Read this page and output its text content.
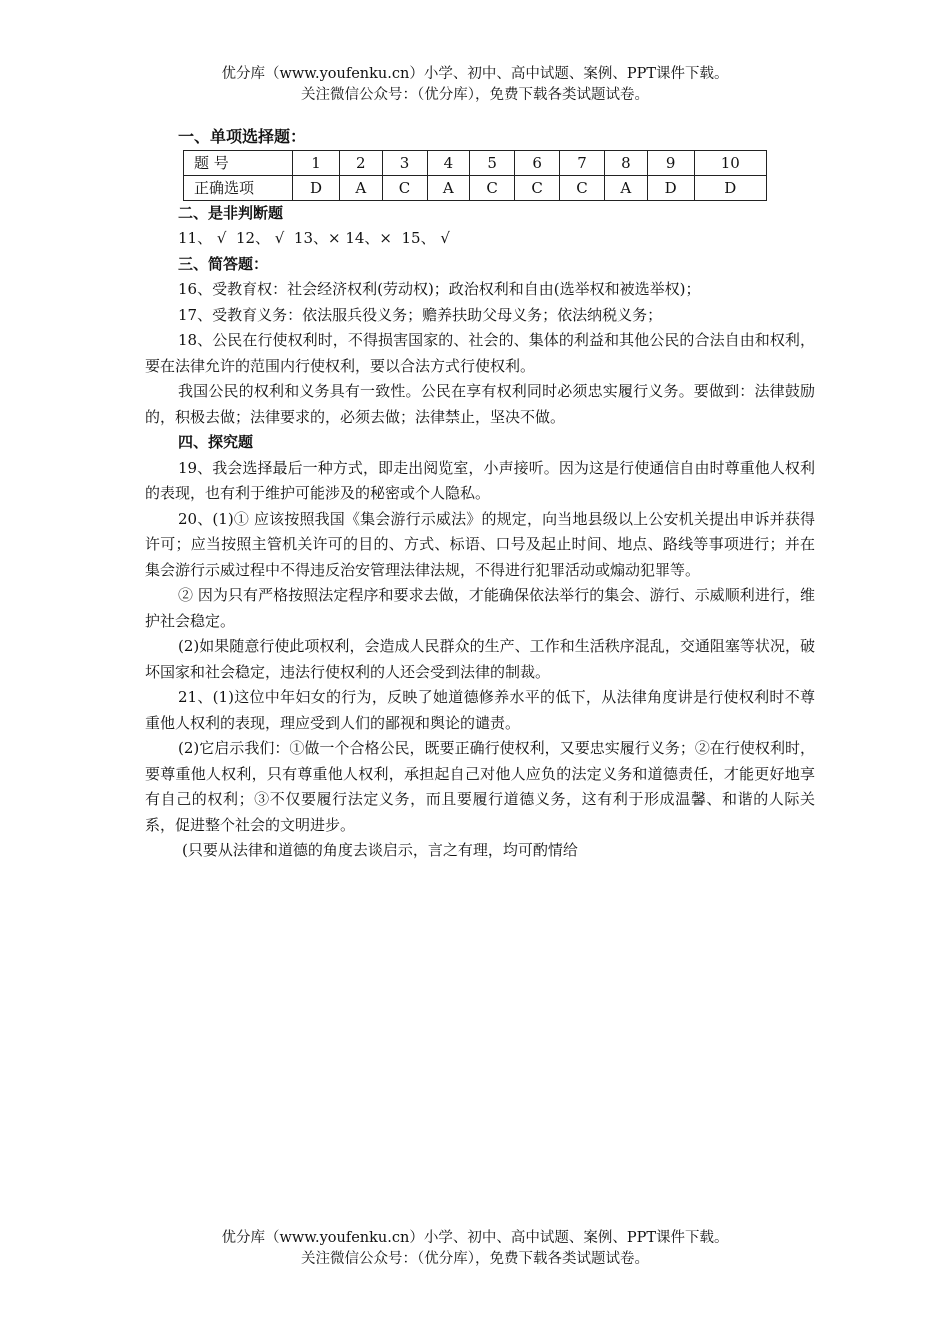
优分库（www.youfenku.cn）小学、初中、高中试题、案例、PPT课件下载。
关注微信公众号：（优分库），免费下载各类试题试卷。
一、单项选择题：
题 号	1	2	3	4	5	6	7	8	9	10
正确选项	D	A	C	A	C	C	C	A	D	D
二、是非判断题

11、 √  12、 √  13、× 14、×  15、 √

三、简答题：

16、受教育权：社会经济权利(劳动权)；政治权利和自由(选举权和被选举权)；

17、受教育义务：依法服兵役义务；赡养扶助父母义务；依法纳税义务；

18、公民在行使权利时，不得损害国家的、社会的、集体的利益和其他公民的合法自由和权利，要在法律允许的范围内行使权利，要以合法方式行使权利。

我国公民的权利和义务具有一致性。公民在享有权利同时必须忠实履行义务。要做到：法律鼓励的，积极去做；法律要求的，必须去做；法律禁止，坚决不做。

四、探究题

19、我会选择最后一种方式，即走出阅览室，小声接听。因为这是行使通信自由时尊重他人权利的表现，也有利于维护可能涉及的秘密或个人隐私。

20、(1)① 应该按照我国《集会游行示威法》的规定，向当地县级以上公安机关提出申诉并获得许可；应当按照主管机关许可的目的、方式、标语、口号及起止时间、地点、路线等事项进行；并在集会游行示威过程中不得违反治安管理法律法规，不得进行犯罪活动或煽动犯罪等。

② 因为只有严格按照法定程序和要求去做，才能确保依法举行的集会、游行、示威顺利进行，维护社会稳定。

(2)如果随意行使此项权利，会造成人民群众的生产、工作和生活秩序混乱，交通阻塞等状况，破坏国家和社会稳定，违法行使权利的人还会受到法律的制裁。

21、(1)这位中年妇女的行为，反映了她道德修养水平的低下，从法律角度讲是行使权利时不尊重他人权利的表现，理应受到人们的鄙视和舆论的谴责。

(2)它启示我们：①做一个合格公民，既要正确行使权利，又要忠实履行义务；②在行使权利时，要尊重他人权利，只有尊重他人权利，承担起自己对他人应负的法定义务和道德责任，才能更好地享有自己的权利；③不仅要履行法定义务，而且要履行道德义务，这有利于形成温馨、和谐的人际关系，促进整个社会的文明进步。

(只要从法律和道德的角度去谈启示，言之有理，均可酌情给

优分库（www.youfenku.cn）小学、初中、高中试题、案例、PPT课件下载。
关注微信公众号：（优分库），免费下载各类试题试卷。
